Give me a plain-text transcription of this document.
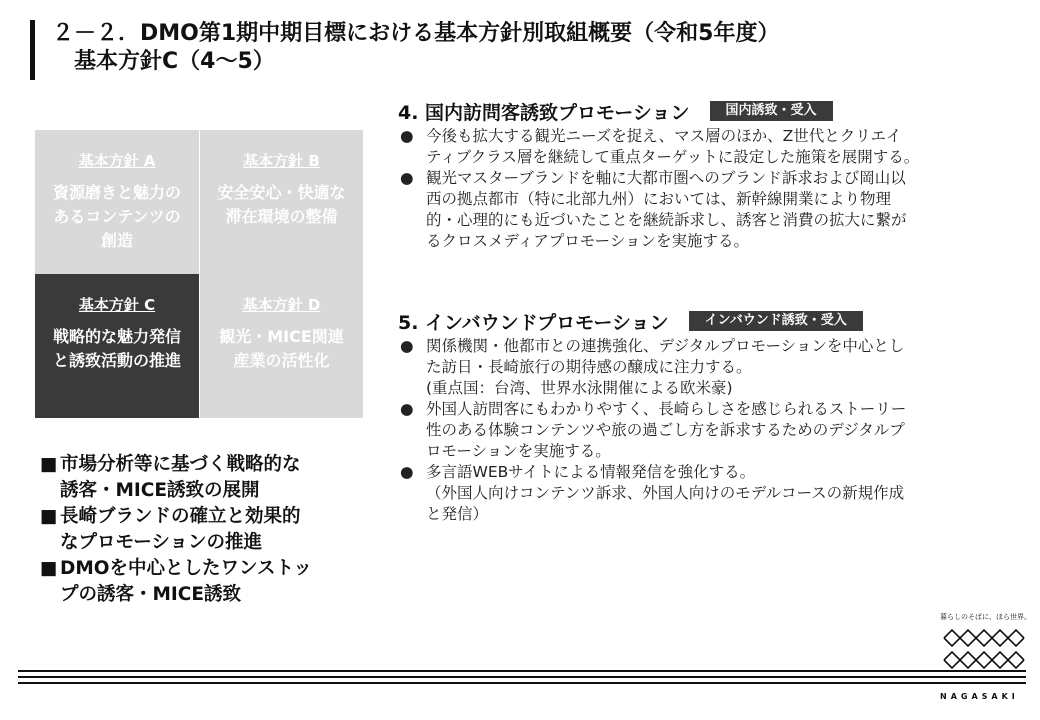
２－２．DMO第1期中期目標における基本方針別取組概要（令和5年度）
基本方針C（4～5）
基本方針 A
資源磨きと魅力の
あるコンテンツの
創造
基本方針 B
安全安心・快適な
滞在環境の整備
基本方針 C
戦略的な魅力発信
と誘致活動の推進
基本方針 D
観光・MICE関連
産業の活性化
■ 市場分析等に基づく戦略的な
誘客・MICE誘致の展開
■ 長崎ブランドの確立と効果的
なプロモーションの推進
■ DMOを中心としたワンストッ
プの誘客・MICE誘致
4. 国内訪問客誘致プロモーション	国内誘致・受入
● 今後も拡大する観光ニーズを捉え、マス層のほか、Z世代とクリエイ
ティブクラス層を継続して重点ターゲットに設定した施策を展開する。
● 観光マスターブランドを軸に大都市圏へのブランド訴求および岡山以
西の拠点都市（特に北部九州）においては、新幹線開業により物理
的・心理的にも近づいたことを継続訴求し、誘客と消費の拡大に繋が
るクロスメディアプロモーションを実施する。
5. インバウンドプロモーション	インバウンド誘致・受入
● 関係機関・他都市との連携強化、デジタルプロモーションを中心とし
た訪日・長崎旅行の期待感の醸成に注力する。
(重点国：台湾、世界水泳開催による欧米豪)
● 外国人訪問客にもわかりやすく、長崎らしさを感じられるストーリー
性のある体験コンテンツや旅の過ごし方を訴求するためのデジタルプ
ロモーションを実施する。
● 多言語WEBサイトによる情報発信を強化する。
（外国人向けコンテンツ訴求、外国人向けのモデルコースの新規作成
と発信）
暮らしのそばに、ほら世界。
NAGASAKI
